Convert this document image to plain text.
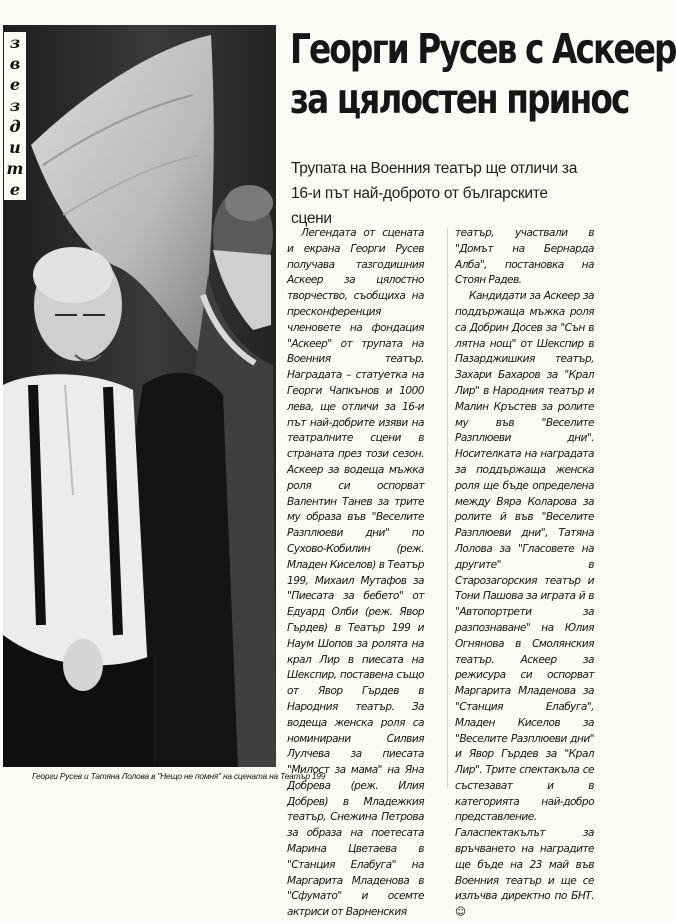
з
в
е
з
д
и
т
е
Георги Русев и Татяна Лолова в "Нещо не помня" на сцената на Театър 199
Георги Русев с Аскеер
за цялостен принос

Трупата на Военния театър ще отличи за
16-и път най-доброто от българските сцени

Легендата от сцената и екрана Георги Русев получава тазгодишния Аскеер за цялостно творчество, съобщиха на пресконференция членовете на фондация "Аскеер" от трупата на Военния театър. Наградата – статуетка на Георги Чапкънов и 1000 лева, ще отличи за 16-и път най-добрите изяви на театралните сцени в страната през този сезон. Аскеер за водеща мъжка роля си оспорват Валентин Танев за трите му образа във "Веселите Разплюеви дни" по Сухово-Кобилин (реж. Младен Киселов) в Театър 199, Михаил Мутафов за "Пиесата за бебето" от Едуард Олби (реж. Явор Гърдев) в Театър 199 и Наум Шопов за ролята на крал Лир в пиесата на Шекспир, поставена също от Явор Гърдев в Народния театър. За водеща женска роля са номинирани Силвия Лулчева за пиесата "Милост за мама" на Яна Добрева (реж. Илия Добрев) в Младежкия театър, Снежина Петрова за образа на поетесата Марина Цветаева в "Станция Елабуга" на Маргарита Младенова в "Сфумато" и осемте актриси от Варненския

театър, участвали в "Домът на Бернарда Алба", постановка на Стоян Радев.

Кандидати за Аскеер за поддържаща мъжка роля са Добрин Досев за "Сън в лятна нощ" от Шекспир в Пазарджишкия театър, Захари Бахаров за "Крал Лир" в Народния театър и Малин Кръстев за ролите му във "Веселите Разплюеви дни". Носителката на наградата за поддържаща женска роля ще бъде определена между Вяра Коларова за ролите й във "Веселите Разплюеви дни", Татяна Лолова за "Гласовете на другите" в Старозагорския театър и Тони Пашова за играта й в "Автопортрети за разпознаване" на Юлия Огнянова в Смолянския театър. Аскеер за режисура си оспорват Маргарита Младенова за "Станция Елабуга", Младен Киселов за "Веселите Разплюеви дни" и Явор Гърдев за "Крал Лир". Трите спектакъла се състезават и в категорията най-добро представление. Галаспектакълът за връчването на наградите ще бъде на 23 май във Военния театър и ще се излъчва директно по БНТ. ☺
